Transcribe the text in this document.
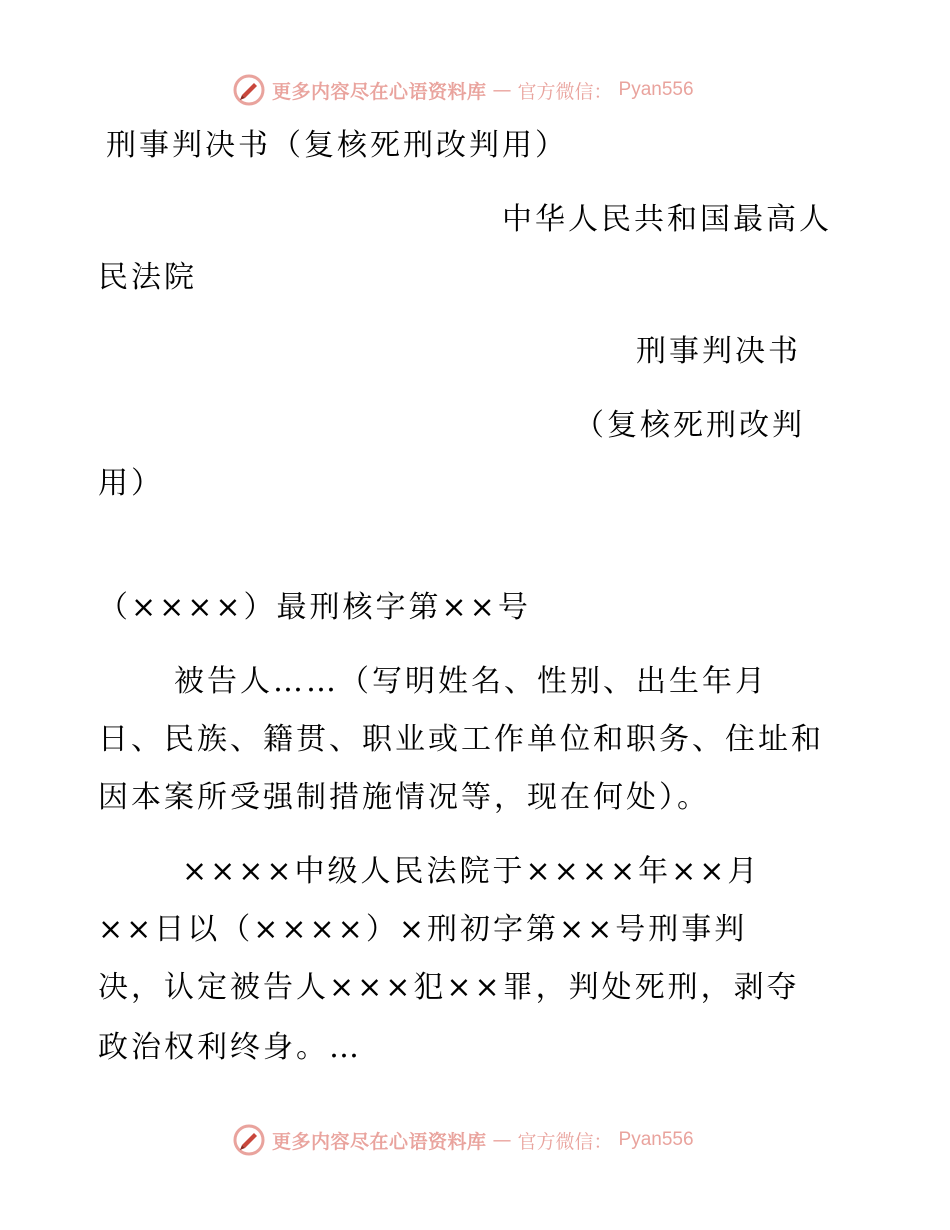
更多内容尽在心语资料库 — 官方微信： Pyan556
刑事判决书（复核死刑改判用）
中华人民共和国最高人
民法院
刑事判决书
（复核死刑改判
用）
（××××）最刑核字第××号
被告人……（写明姓名、性别、出生年月
日、民族、籍贯、职业或工作单位和职务、住址和
因本案所受强制措施情况等，现在何处）。
××××中级人民法院于××××年××月
××日以（××××）×刑初字第××号刑事判
决，认定被告人×××犯××罪，判处死刑，剥夺
政治权利终身。…
更多内容尽在心语资料库 — 官方微信： Pyan556
